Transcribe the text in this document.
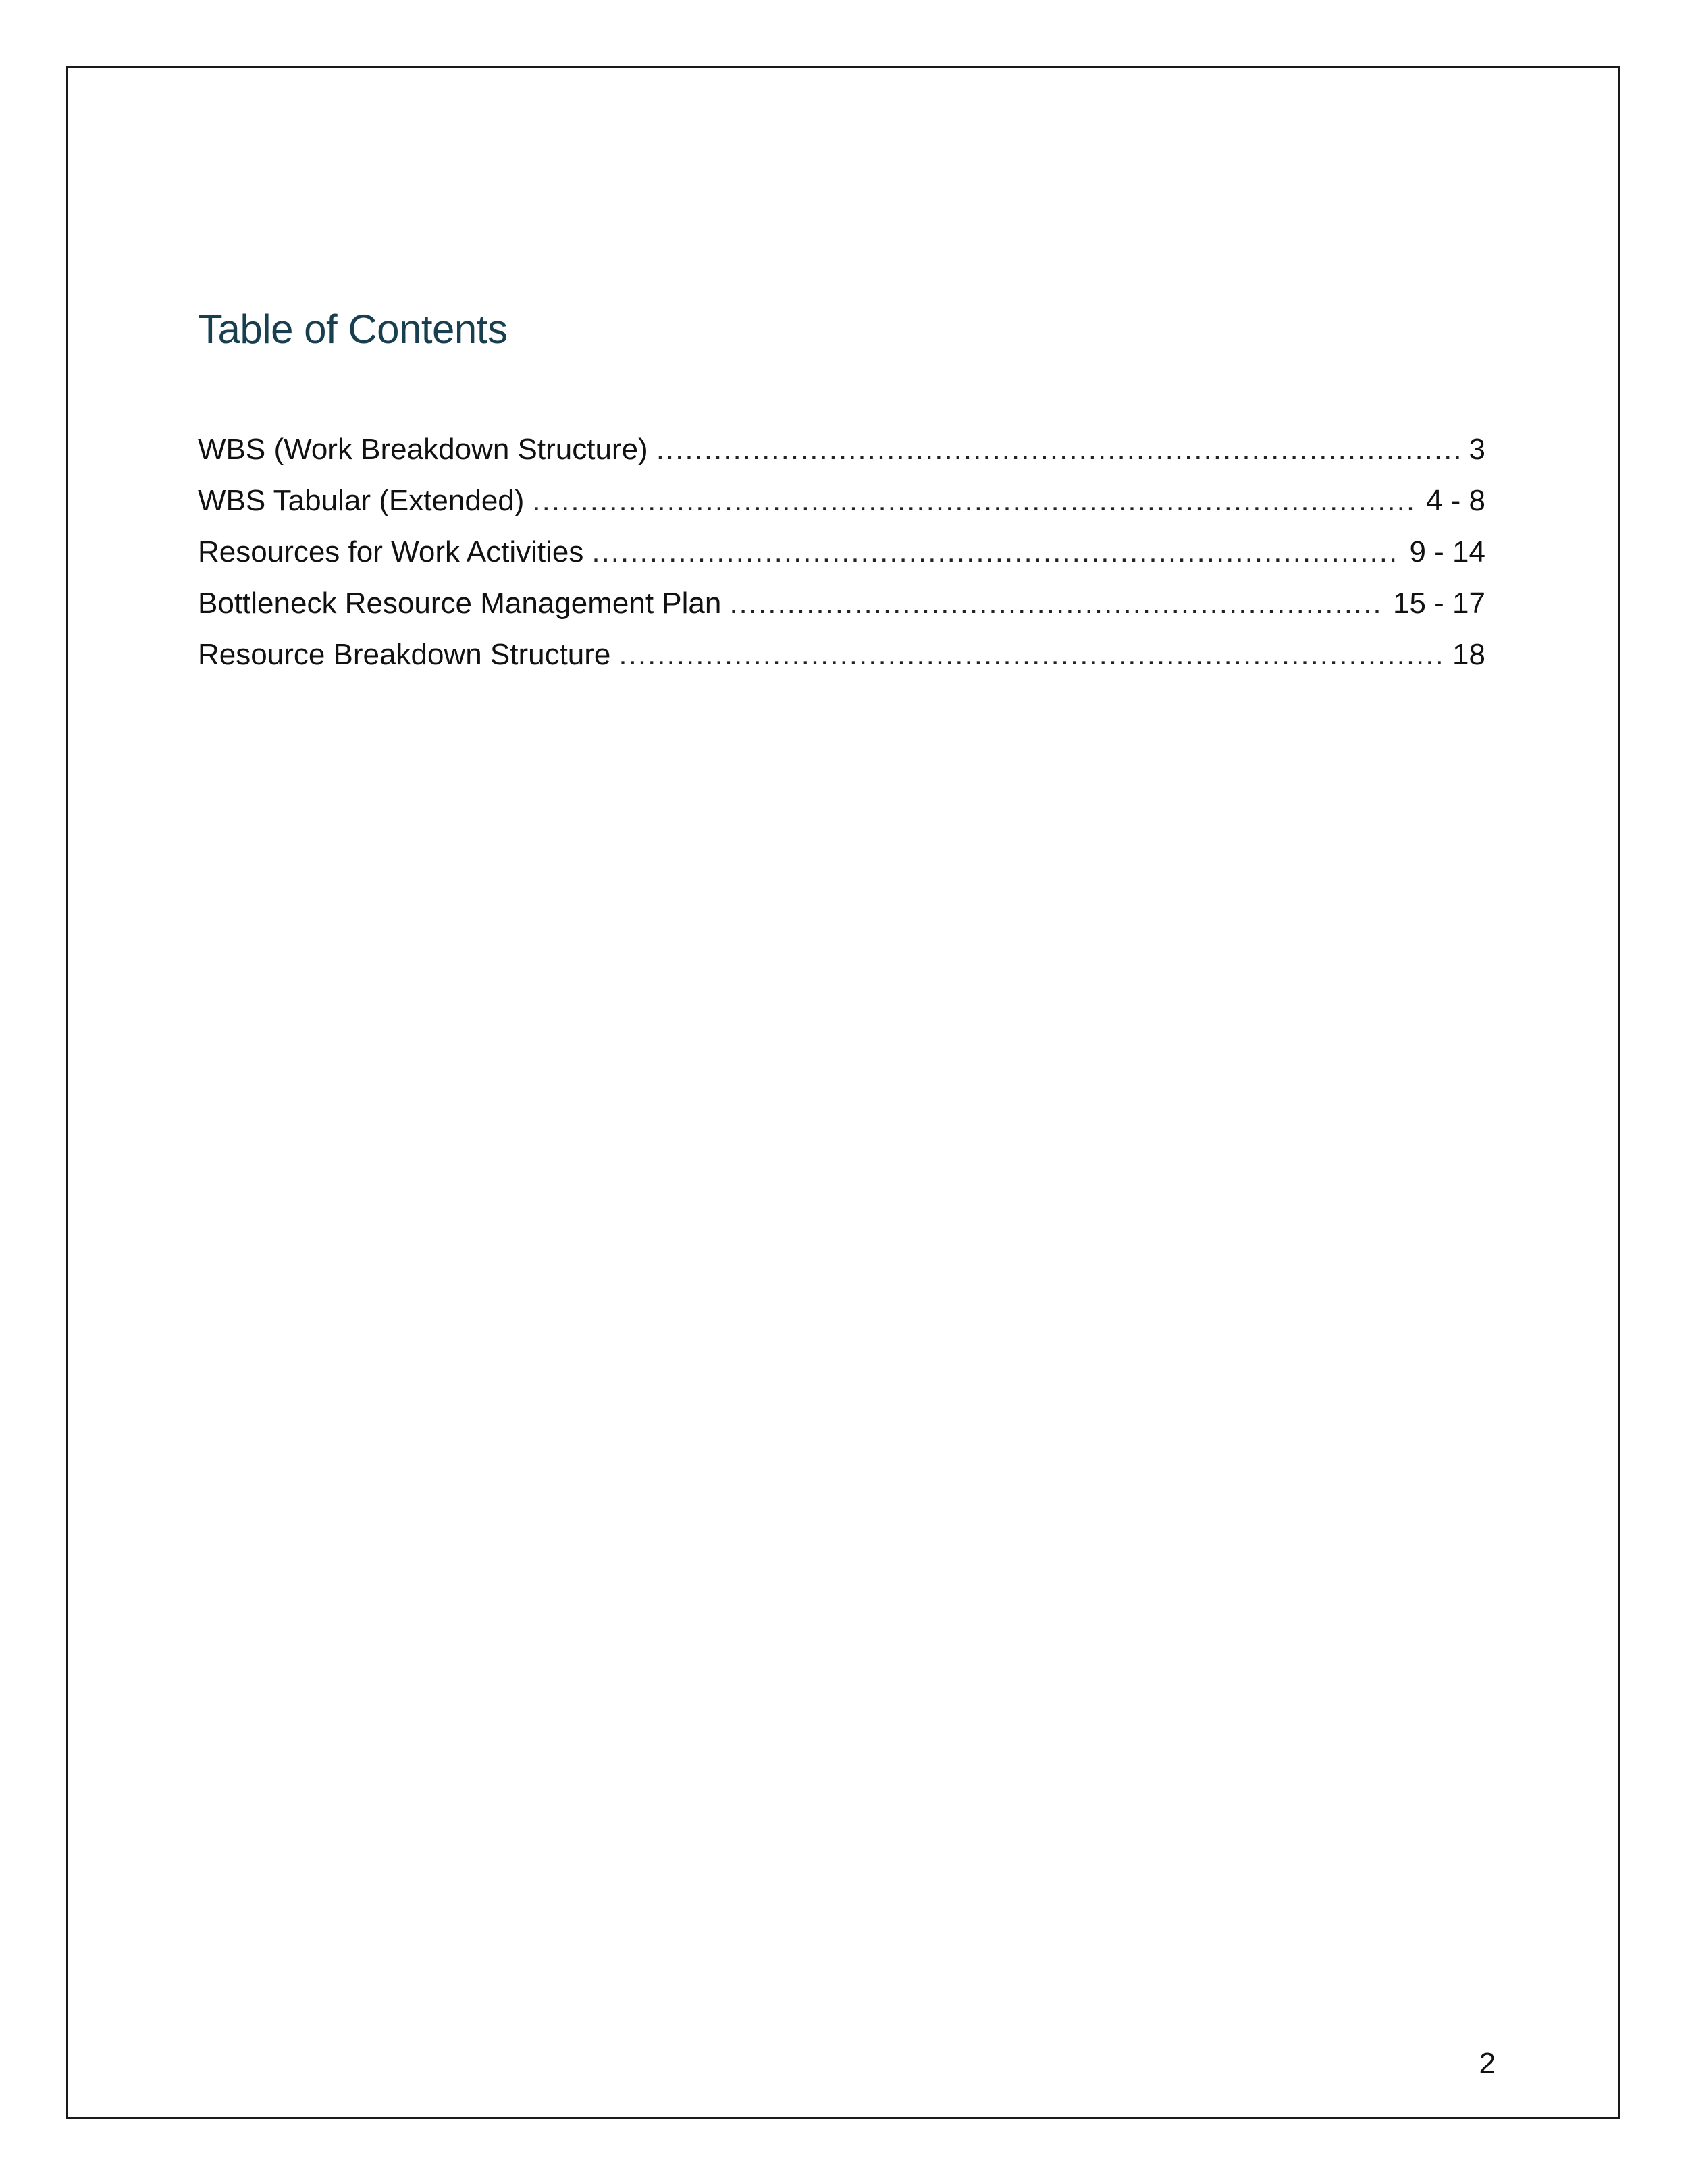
Table of Contents
WBS (Work Breakdown Structure) .....	3
WBS Tabular (Extended) .....	4 - 8
Resources for Work Activities .....	9 - 14
Bottleneck Resource Management Plan .....	15 - 17
Resource Breakdown Structure .....	18
2
